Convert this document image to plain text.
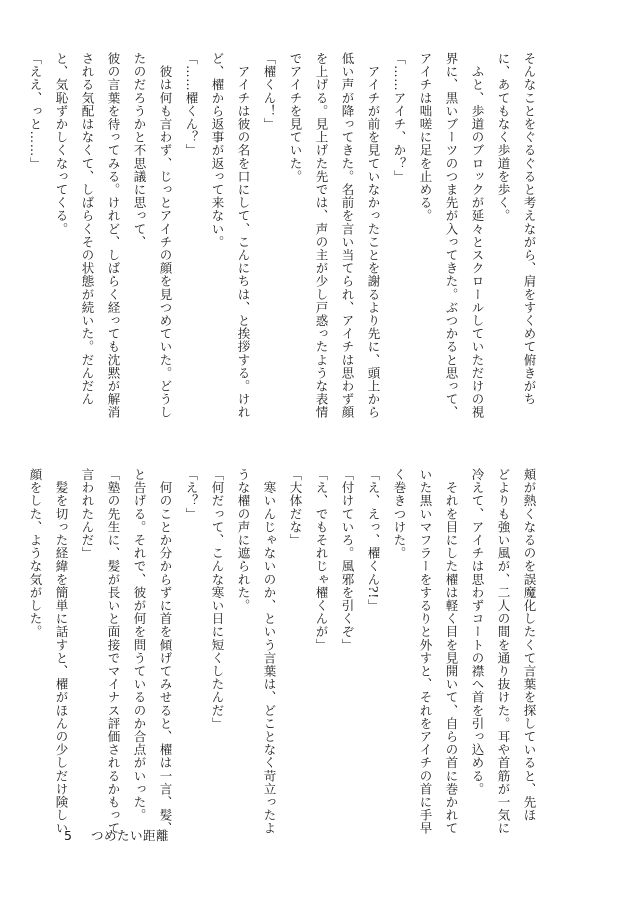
そんなことをぐるぐると考えながら、肩をすくめて俯きがち

に、あてもなく歩道を歩く。

　ふと、歩道のブロックが延々とスクロールしていただけの視

界に、黒いブーツのつま先が入ってきた。ぶつかると思って、

アイチは咄嗟に足を止める。

「……アイチ、か？」

　アイチが前を見ていなかったことを謝るより先に、頭上から

低い声が降ってきた。名前を言い当てられ、アイチは思わず顔

を上げる。見上げた先では、声の主が少し戸惑ったような表情

でアイチを見ていた。

「櫂くん！」

　アイチは彼の名を口にして、こんにちは、と挨拶する。けれ

ど、櫂から返事が返って来ない。

「……櫂くん？」

　彼は何も言わず、じっとアイチの顔を見つめていた。どうし

たのだろうかと不思議に思って、

彼の言葉を待ってみる。けれど、しばらく経っても沈黙が解消

される気配はなくて、しばらくその状態が続いた。だんだん

と、気恥ずかしくなってくる。

「ええ、っと……」

頬が熱くなるのを誤魔化したくて言葉を探していると、先ほ

どよりも強い風が、二人の間を通り抜けた。耳や首筋が一気に

冷えて、アイチは思わずコートの襟へ首を引っ込める。

　それを目にした櫂は軽く目を見開いて、自らの首に巻かれて

いた黒いマフラーをするりと外すと、それをアイチの首に手早

く巻きつけた。

「え、えっ、櫂くん?!」

「付けていろ。風邪を引くぞ」

「え、でもそれじゃ櫂くんが」

「大体だな」

　寒いんじゃないのか、という言葉は、どことなく苛立ったよ

うな櫂の声に遮られた。

「何だって、こんな寒い日に短くしたんだ」

「え？」

　何のことか分からずに首を傾げてみせると、櫂は一言、髪、

と告げる。それで、彼が何を問うているのか合点がいった。

「塾の先生に、髪が長いと面接でマイナス評価されるかもって

言われたんだ」

　髪を切った経緯を簡単に話すと、櫂がほんの少しだけ険しい

顔をした、ような気がした。

5 つめたい距離
